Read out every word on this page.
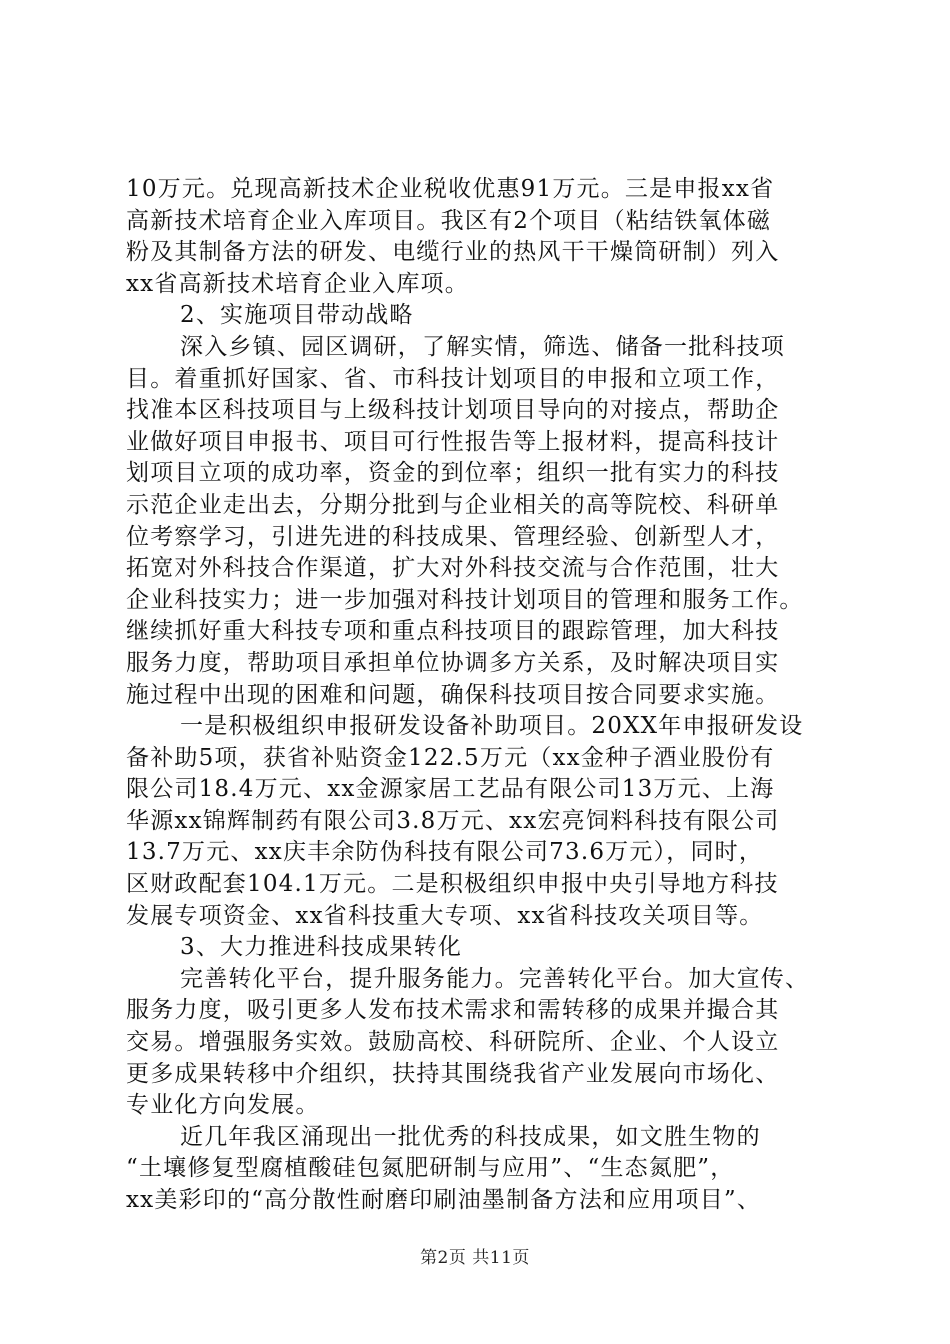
10万元。兑现高新技术企业税收优惠91万元。三是申报xx省
高新技术培育企业入库项目。我区有2个项目（粘结铁氧体磁
粉及其制备方法的研发、电缆行业的热风干干燥筒研制）列入
xx省高新技术培育企业入库项。
2、实施项目带动战略
深入乡镇、园区调研，了解实情，筛选、储备一批科技项
目。着重抓好国家、省、市科技计划项目的申报和立项工作，
找准本区科技项目与上级科技计划项目导向的对接点，帮助企
业做好项目申报书、项目可行性报告等上报材料，提高科技计
划项目立项的成功率，资金的到位率；组织一批有实力的科技
示范企业走出去，分期分批到与企业相关的高等院校、科研单
位考察学习，引进先进的科技成果、管理经验、创新型人才，
拓宽对外科技合作渠道，扩大对外科技交流与合作范围，壮大
企业科技实力；进一步加强对科技计划项目的管理和服务工作。
继续抓好重大科技专项和重点科技项目的跟踪管理，加大科技
服务力度，帮助项目承担单位协调多方关系，及时解决项目实
施过程中出现的困难和问题，确保科技项目按合同要求实施。
一是积极组织申报研发设备补助项目。20XX年申报研发设
备补助5项，获省补贴资金122.5万元（xx金种子酒业股份有
限公司18.4万元、xx金源家居工艺品有限公司13万元、上海
华源xx锦辉制药有限公司3.8万元、xx宏亮饲料科技有限公司
13.7万元、xx庆丰余防伪科技有限公司73.6万元），同时，
区财政配套104.1万元。二是积极组织申报中央引导地方科技
发展专项资金、xx省科技重大专项、xx省科技攻关项目等。
3、大力推进科技成果转化
完善转化平台，提升服务能力。完善转化平台。加大宣传、
服务力度，吸引更多人发布技术需求和需转移的成果并撮合其
交易。增强服务实效。鼓励高校、科研院所、企业、个人设立
更多成果转移中介组织，扶持其围绕我省产业发展向市场化、
专业化方向发展。
近几年我区涌现出一批优秀的科技成果，如文胜生物的
“土壤修复型腐植酸硅包氮肥研制与应用”、“生态氮肥”，
xx美彩印的“高分散性耐磨印刷油墨制备方法和应用项目”、
第2页 共11页
